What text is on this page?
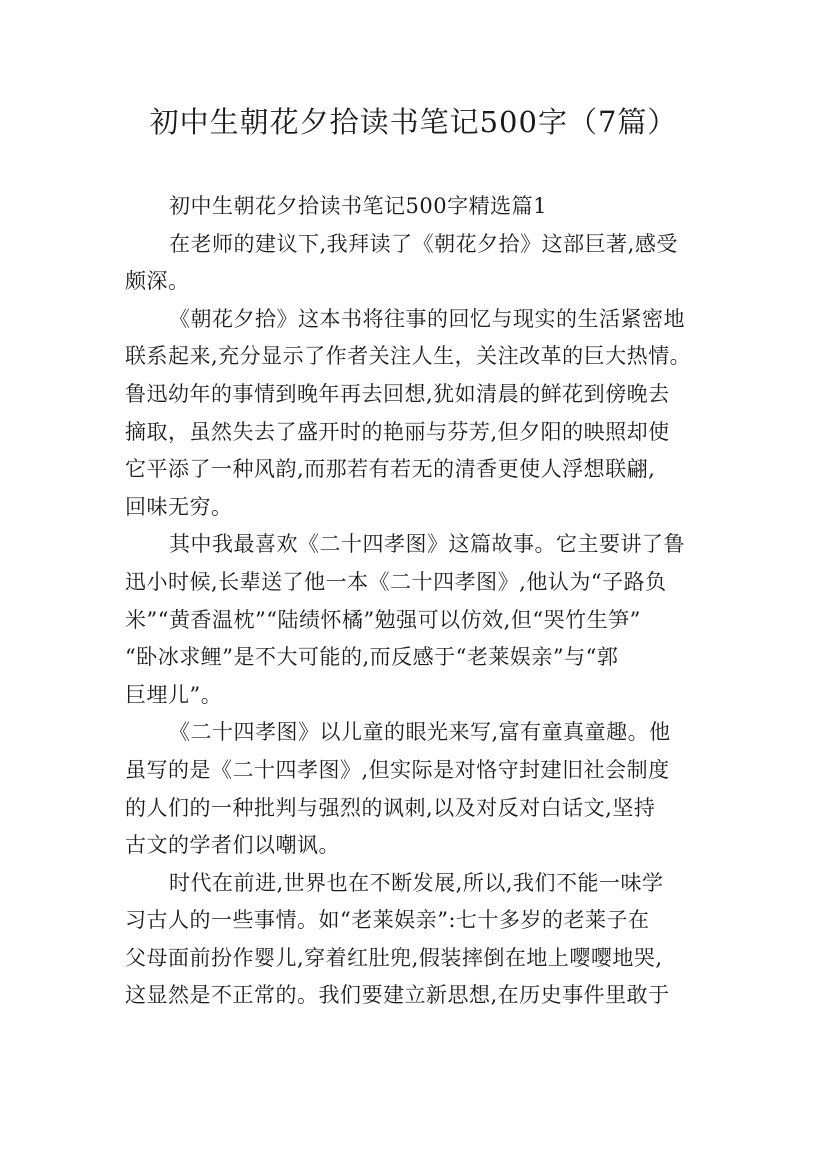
初中生朝花夕拾读书笔记500字（7篇）
初中生朝花夕拾读书笔记500字精选篇1
在老师的建议下,我拜读了《朝花夕拾》这部巨著,感受
颇深。
《朝花夕拾》这本书将往事的回忆与现实的生活紧密地
联系起来,充分显示了作者关注人生，关注改革的巨大热情。
鲁迅幼年的事情到晚年再去回想,犹如清晨的鲜花到傍晚去
摘取，虽然失去了盛开时的艳丽与芬芳,但夕阳的映照却使
它平添了一种风韵,而那若有若无的清香更使人浮想联翩,
回味无穷。
其中我最喜欢《二十四孝图》这篇故事。它主要讲了鲁
迅小时候,长辈送了他一本《二十四孝图》,他认为“子路负
米”“黄香温枕”“陆绩怀橘”勉强可以仿效,但“哭竹生笋”
“卧冰求鲤”是不大可能的,而反感于“老莱娱亲”与“郭
巨埋儿”。
《二十四孝图》以儿童的眼光来写,富有童真童趣。他
虽写的是《二十四孝图》,但实际是对恪守封建旧社会制度
的人们的一种批判与强烈的讽刺,以及对反对白话文,坚持
古文的学者们以嘲讽。
时代在前进,世界也在不断发展,所以,我们不能一味学
习古人的一些事情。如“老莱娱亲”:七十多岁的老莱子在
父母面前扮作婴儿,穿着红肚兜,假装摔倒在地上嘤嘤地哭,
这显然是不正常的。我们要建立新思想,在历史事件里敢于
